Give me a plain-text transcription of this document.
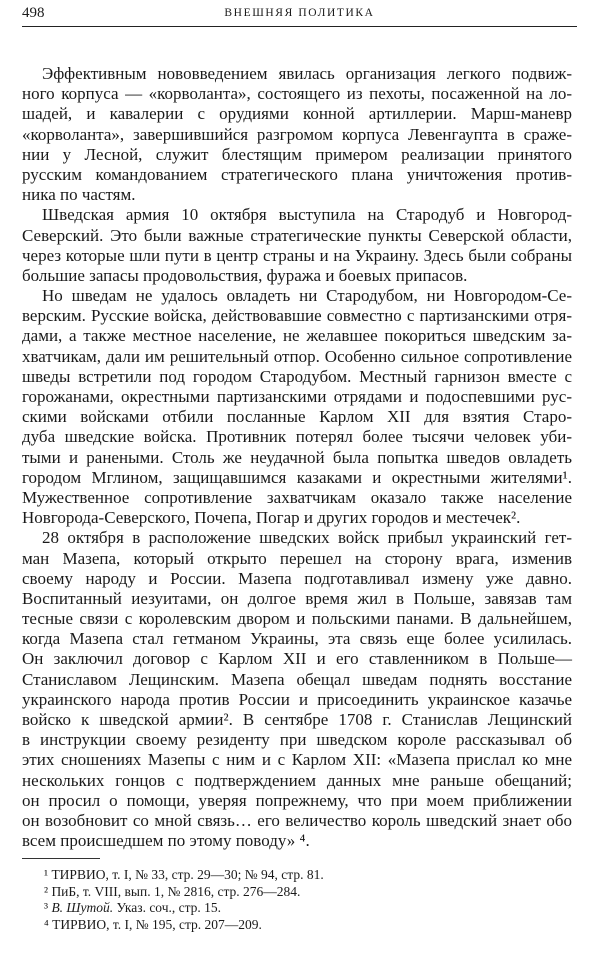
498	ВНЕШНЯЯ ПОЛИТИКА
Эффективным нововведением явилась организация легкого подвиж-
ного корпуса — «корволанта», состоящего из пехоты, посаженной на ло-
шадей, и кавалерии с орудиями конной артиллерии. Марш-маневр
«корволанта», завершившийся разгромом корпуса Левенгаупта в сраже-
нии у Лесной, служит блестящим примером реализации принятого
русским командованием стратегического плана уничтожения против-
ника по частям.
Шведская армия 10 октября выступила на Стародуб и Новгород-
Северский. Это были важные стратегические пункты Северской области,
через которые шли пути в центр страны и на Украину. Здесь были собраны
большие запасы продовольствия, фуража и боевых припасов.
Но шведам не удалось овладеть ни Стародубом, ни Новгородом-Се-
верским. Русские войска, действовавшие совместно с партизанскими отря-
дами, а также местное население, не желавшее покориться шведским за-
хватчикам, дали им решительный отпор. Особенно сильное сопротивление
шведы встретили под городом Стародубом. Местный гарнизон вместе с
горожанами, окрестными партизанскими отрядами и подоспевшими рус-
скими войсками отбили посланные Карлом XII для взятия Старо-
дуба шведские войска. Противник потерял более тысячи человек уби-
тыми и ранеными. Столь же неудачной была попытка шведов овладеть
городом Мглином, защищавшимся казаками и окрестными жителями¹.
Мужественное сопротивление захватчикам оказало также население
Новгорода-Северского, Почепа, Погар и других городов и местечек².
28 октября в расположение шведских войск прибыл украинский гет-
ман Мазепа, который открыто перешел на сторону врага, изменив
своему народу и России. Мазепа подготавливал измену уже давно.
Воспитанный иезуитами, он долгое время жил в Польше, завязав там
тесные связи с королевским двором и польскими панами. В дальнейшем,
когда Мазепа стал гетманом Украины, эта связь еще более усилилась.
Он заключил договор с Карлом XII и его ставленником в Польше—
Станиславом Лещинским. Мазепа обещал шведам поднять восстание
украинского народа против России и присоединить украинское казачье
войско к шведской армии². В сентябре 1708 г. Станислав Лещинский
в инструкции своему резиденту при шведском короле рассказывал об
этих сношениях Мазепы с ним и с Карлом XII: «Мазепа прислал ко мне
нескольких гонцов с подтверждением данных мне раньше обещаний;
он просил о помощи, уверяя попрежнему, что при моем приближении
он возобновит со мной связь… его величество король шведский знает обо
всем происшедшем по этому поводу» ⁴.
¹ ТИРВИО, т. I, № 33, стр. 29—30; № 94, стр. 81.
² ПиБ, т. VIII, вып. 1, № 2816, стр. 276—284.
³ В. Шутой. Указ. соч., стр. 15.
⁴ ТИРВИО, т. I, № 195, стр. 207—209.
